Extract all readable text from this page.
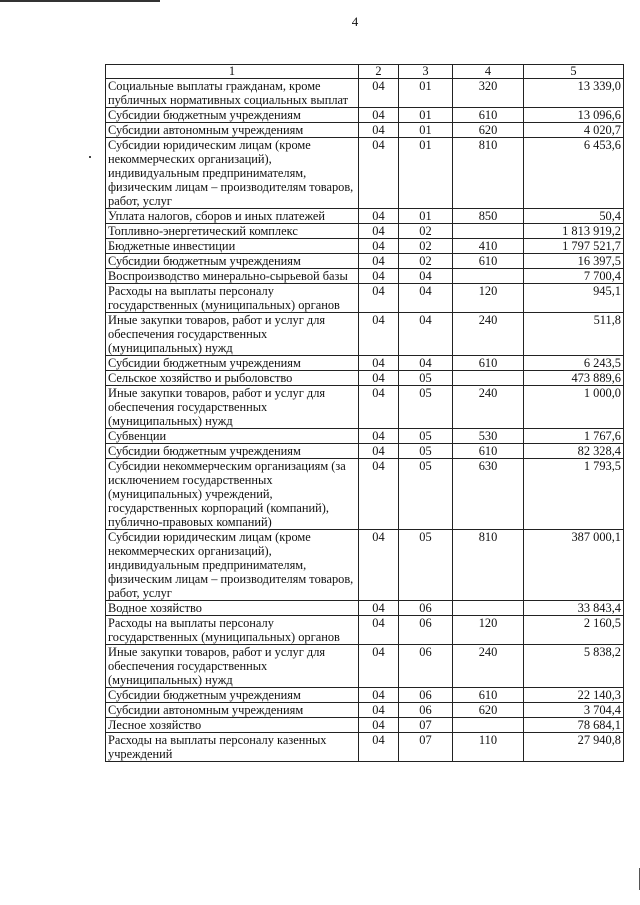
4
1	2	3	4	5
Социальные выплаты гражданам, кроме публичных нормативных социальных выплат	04	01	320	13 339,0
Субсидии бюджетным учреждениям	04	01	610	13 096,6
Субсидии автономным учреждениям	04	01	620	4 020,7
Субсидии юридическим лицам (кроме некоммерческих организаций), индивидуальным предпринимателям, физическим лицам – производителям товаров, работ, услуг	04	01	810	6 453,6
Уплата налогов, сборов и иных платежей	04	01	850	50,4
Топливно-энергетический комплекс	04	02		1 813 919,2
Бюджетные инвестиции	04	02	410	1 797 521,7
Субсидии бюджетным учреждениям	04	02	610	16 397,5
Воспроизводство минерально-сырьевой базы	04	04		7 700,4
Расходы на выплаты персоналу государственных (муниципальных) органов	04	04	120	945,1
Иные закупки товаров, работ и услуг для обеспечения государственных (муниципальных) нужд	04	04	240	511,8
Субсидии бюджетным учреждениям	04	04	610	6 243,5
Сельское хозяйство и рыболовство	04	05		473 889,6
Иные закупки товаров, работ и услуг для обеспечения государственных (муниципальных) нужд	04	05	240	1 000,0
Субвенции	04	05	530	1 767,6
Субсидии бюджетным учреждениям	04	05	610	82 328,4
Субсидии некоммерческим организациям (за исключением государственных (муниципальных) учреждений, государственных корпораций (компаний), публично-правовых компаний)	04	05	630	1 793,5
Субсидии юридическим лицам (кроме некоммерческих организаций), индивидуальным предпринимателям, физическим лицам – производителям товаров, работ, услуг	04	05	810	387 000,1
Водное хозяйство	04	06		33 843,4
Расходы на выплаты персоналу государственных (муниципальных) органов	04	06	120	2 160,5
Иные закупки товаров, работ и услуг для обеспечения государственных (муниципальных) нужд	04	06	240	5 838,2
Субсидии бюджетным учреждениям	04	06	610	22 140,3
Субсидии автономным учреждениям	04	06	620	3 704,4
Лесное хозяйство	04	07		78 684,1
Расходы на выплаты персоналу казенных учреждений	04	07	110	27 940,8
